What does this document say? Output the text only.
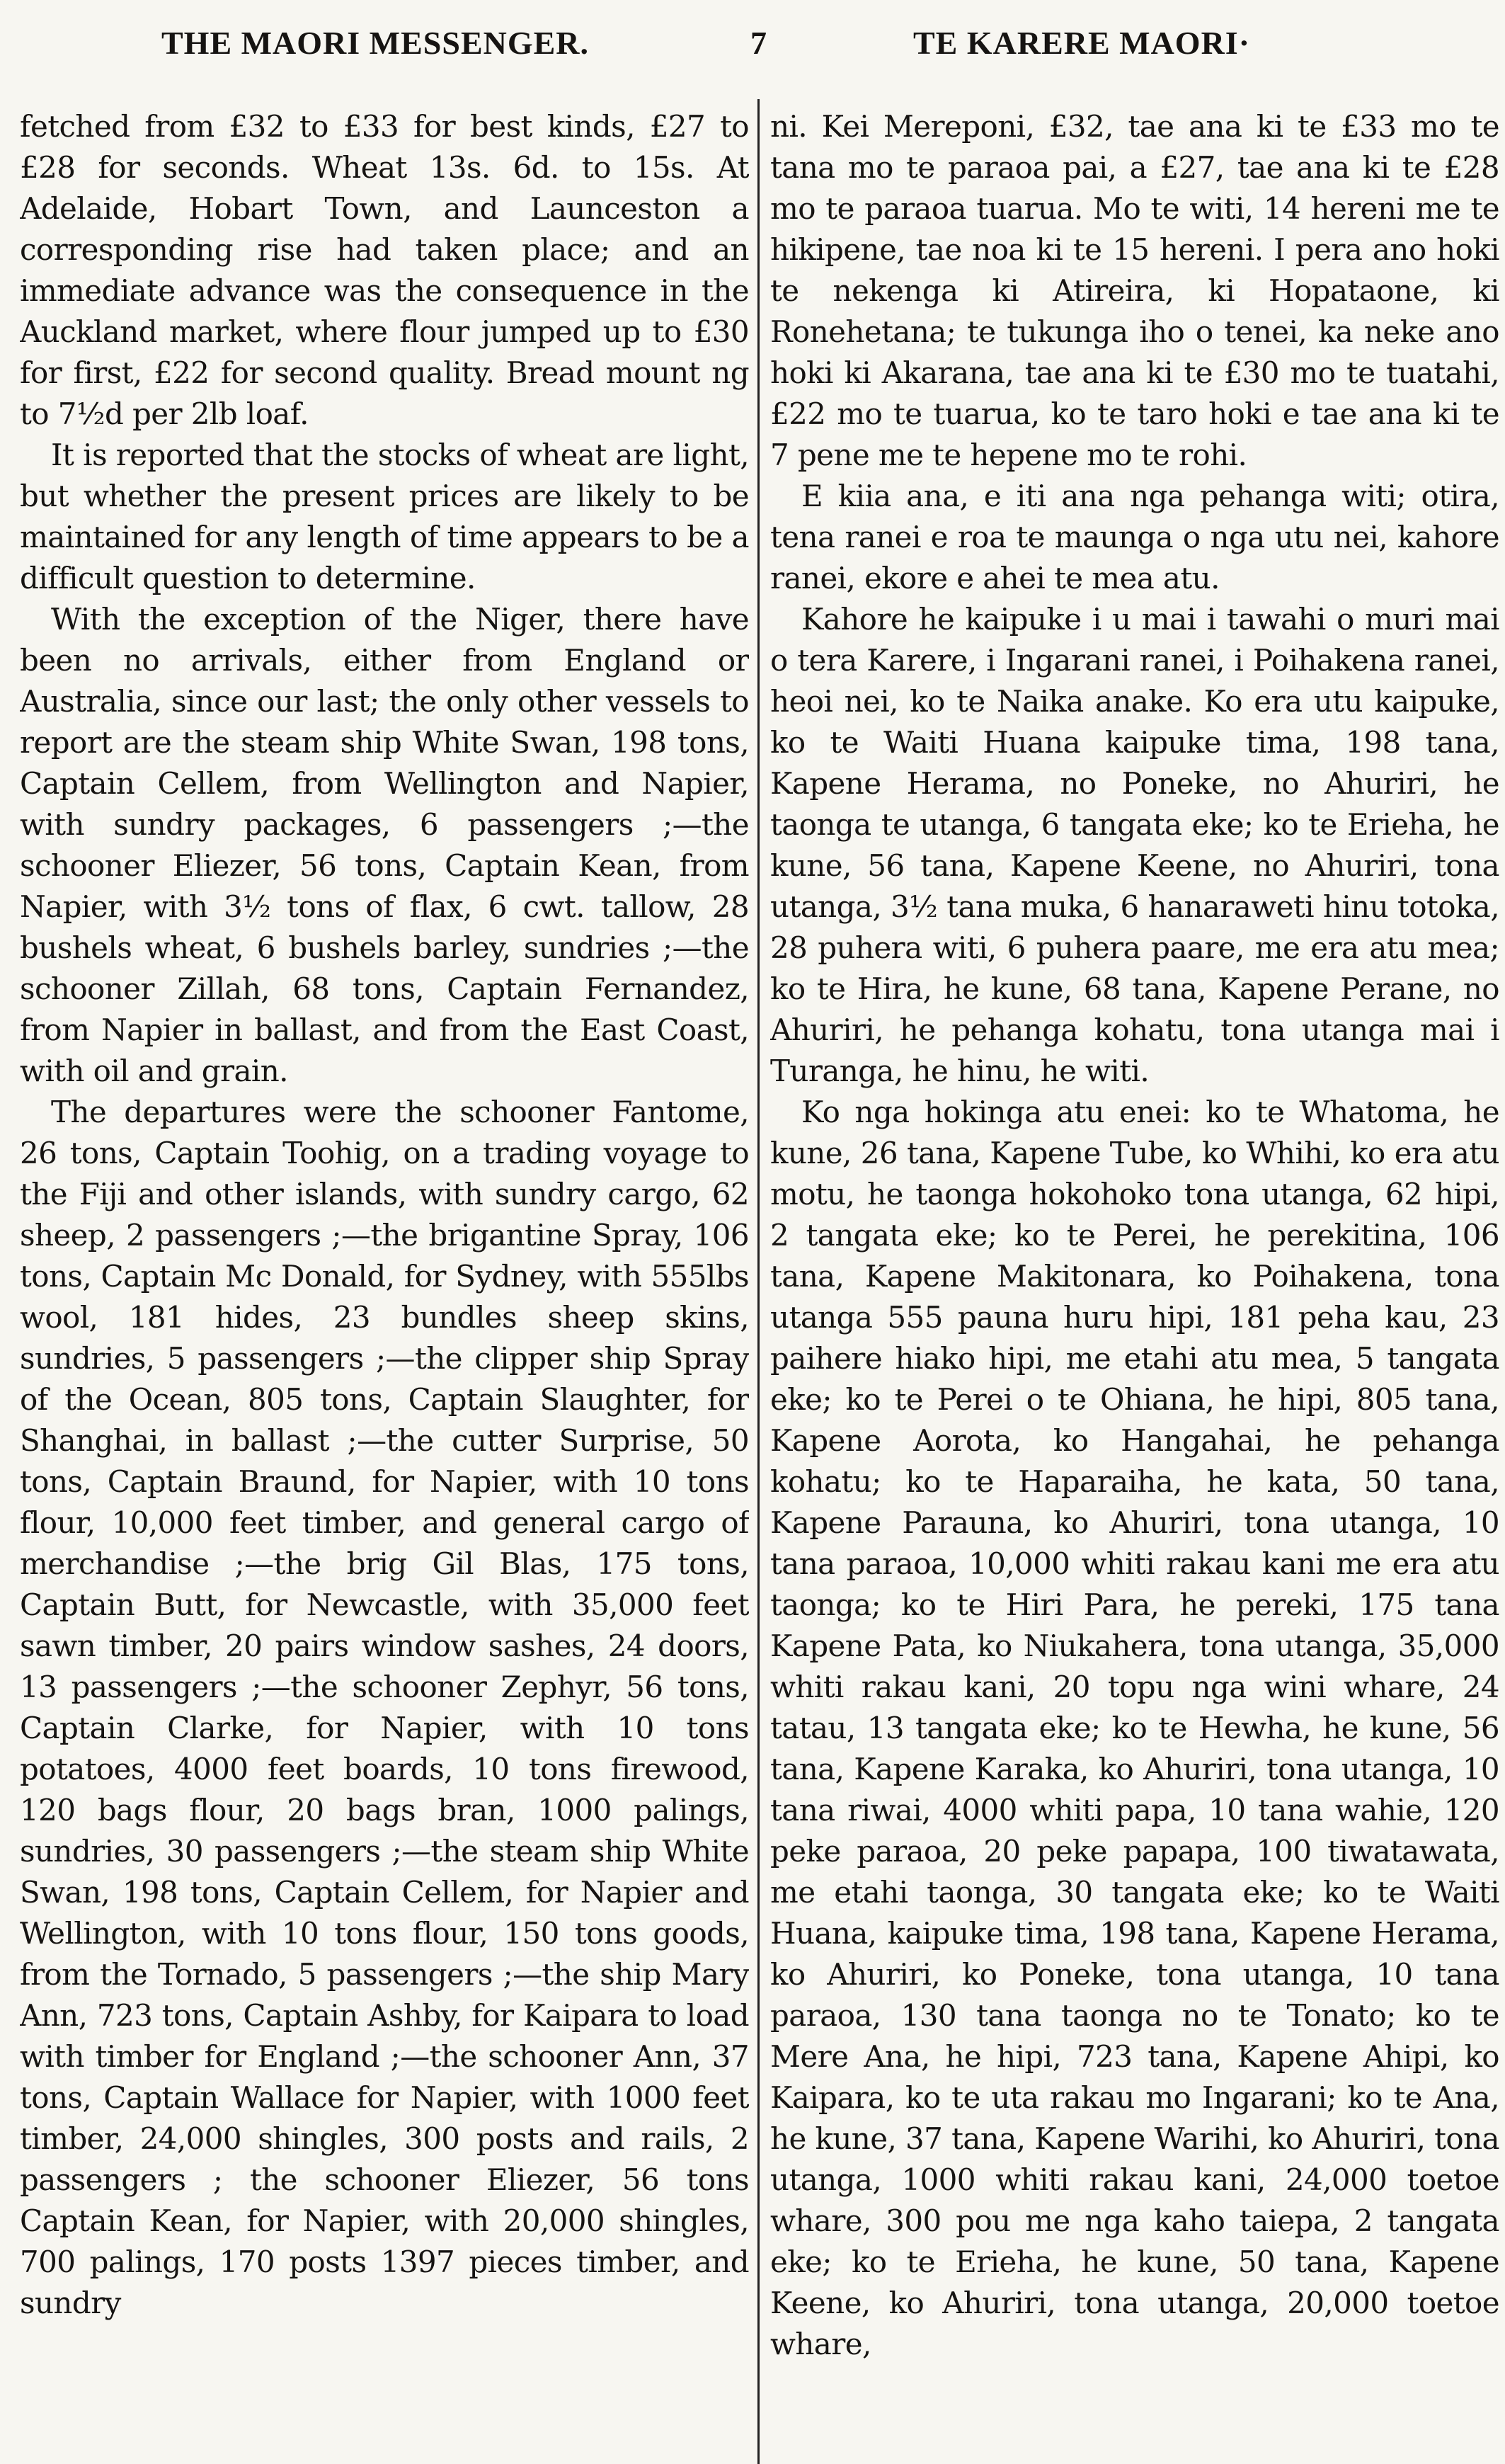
THE MAORI MESSENGER.	7	TE KARERE MAORI·

fetched from £32 to £33 for best kinds, £27 to £28 for seconds. Wheat 13s. 6d. to 15s. At Adelaide, Hobart Town, and Launceston a corresponding rise had taken place; and an immediate advance was the consequence in the Auckland market, where flour jumped up to £30 for first, £22 for second quality. Bread mount ng to 7½d per 2lb loaf.

It is reported that the stocks of wheat are light, but whether the present prices are likely to be maintained for any length of time appears to be a difficult question to determine.

With the exception of the Niger, there have been no arrivals, either from England or Australia, since our last; the only other vessels to report are the steam ship White Swan, 198 tons, Captain Cellem, from Wellington and Napier, with sundry packages, 6 passengers ;—the schooner Eliezer, 56 tons, Captain Kean, from Napier, with 3½ tons of flax, 6 cwt. tallow, 28 bushels wheat, 6 bushels barley, sundries ;—the schooner Zillah, 68 tons, Captain Fernandez, from Napier in ballast, and from the East Coast, with oil and grain.

The departures were the schooner Fantome, 26 tons, Captain Toohig, on a trading voyage to the Fiji and other islands, with sundry cargo, 62 sheep, 2 passengers ;—the brigantine Spray, 106 tons, Captain Mc Donald, for Sydney, with 555lbs wool, 181 hides, 23 bundles sheep skins, sundries, 5 passengers ;—the clipper ship Spray of the Ocean, 805 tons, Captain Slaughter, for Shanghai, in ballast ;—the cutter Surprise, 50 tons, Captain Braund, for Napier, with 10 tons flour, 10,000 feet timber, and general cargo of merchandise ;—the brig Gil Blas, 175 tons, Captain Butt, for Newcastle, with 35,000 feet sawn timber, 20 pairs window sashes, 24 doors, 13 passengers ;—the schooner Zephyr, 56 tons, Captain Clarke, for Napier, with 10 tons potatoes, 4000 feet boards, 10 tons firewood, 120 bags flour, 20 bags bran, 1000 palings, sundries, 30 passengers ;—the steam ship White Swan, 198 tons, Captain Cellem, for Napier and Wellington, with 10 tons flour, 150 tons goods, from the Tornado, 5 passengers ;—the ship Mary Ann, 723 tons, Captain Ashby, for Kaipara to load with timber for England ;—the schooner Ann, 37 tons, Captain Wallace for Napier, with 1000 feet timber, 24,000 shingles, 300 posts and rails, 2 passengers ; the schooner Eliezer, 56 tons Captain Kean, for Napier, with 20,000 shingles, 700 palings, 170 posts 1397 pieces timber, and sundry

ni. Kei Mereponi, £32, tae ana ki te £33 mo te tana mo te paraoa pai, a £27, tae ana ki te £28 mo te paraoa tuarua. Mo te witi, 14 hereni me te hikipene, tae noa ki te 15 hereni. I pera ano hoki te nekenga ki Atireira, ki Hopataone, ki Ronehetana; te tukunga iho o tenei, ka neke ano hoki ki Akarana, tae ana ki te £30 mo te tuatahi, £22 mo te tuarua, ko te taro hoki e tae ana ki te 7 pene me te hepene mo te rohi.

E kiia ana, e iti ana nga pehanga witi; otira, tena ranei e roa te maunga o nga utu nei, kahore ranei, ekore e ahei te mea atu.

Kahore he kaipuke i u mai i tawahi o muri mai o tera Karere, i Ingarani ranei, i Poihakena ranei, heoi nei, ko te Naika anake. Ko era utu kaipuke, ko te Waiti Huana kaipuke tima, 198 tana, Kapene Herama, no Poneke, no Ahuriri, he taonga te utanga, 6 tangata eke; ko te Erieha, he kune, 56 tana, Kapene Keene, no Ahuriri, tona utanga, 3½ tana muka, 6 hanaraweti hinu totoka, 28 puhera witi, 6 puhera paare, me era atu mea; ko te Hira, he kune, 68 tana, Kapene Perane, no Ahuriri, he pehanga kohatu, tona utanga mai i Turanga, he hinu, he witi.

Ko nga hokinga atu enei: ko te Whatoma, he kune, 26 tana, Kapene Tube, ko Whihi, ko era atu motu, he taonga hokohoko tona utanga, 62 hipi, 2 tangata eke; ko te Perei, he perekitina, 106 tana, Kapene Makitonara, ko Poihakena, tona utanga 555 pauna huru hipi, 181 peha kau, 23 paihere hiako hipi, me etahi atu mea, 5 tangata eke; ko te Perei o te Ohiana, he hipi, 805 tana, Kapene Aorota, ko Hangahai, he pehanga kohatu; ko te Haparaiha, he kata, 50 tana, Kapene Parauna, ko Ahuriri, tona utanga, 10 tana paraoa, 10,000 whiti rakau kani me era atu taonga; ko te Hiri Para, he pereki, 175 tana Kapene Pata, ko Niukahera, tona utanga, 35,000 whiti rakau kani, 20 topu nga wini whare, 24 tatau, 13 tangata eke; ko te Hewha, he kune, 56 tana, Kapene Karaka, ko Ahuriri, tona utanga, 10 tana riwai, 4000 whiti papa, 10 tana wahie, 120 peke paraoa, 20 peke papapa, 100 tiwatawata, me etahi taonga, 30 tangata eke; ko te Waiti Huana, kaipuke tima, 198 tana, Kapene Herama, ko Ahuriri, ko Poneke, tona utanga, 10 tana paraoa, 130 tana taonga no te Tonato; ko te Mere Ana, he hipi, 723 tana, Kapene Ahipi, ko Kaipara, ko te uta rakau mo Ingarani; ko te Ana, he kune, 37 tana, Kapene Warihi, ko Ahuriri, tona utanga, 1000 whiti rakau kani, 24,000 toetoe whare, 300 pou me nga kaho taiepa, 2 tangata eke; ko te Erieha, he kune, 50 tana, Kapene Keene, ko Ahuriri, tona utanga, 20,000 toetoe whare,
